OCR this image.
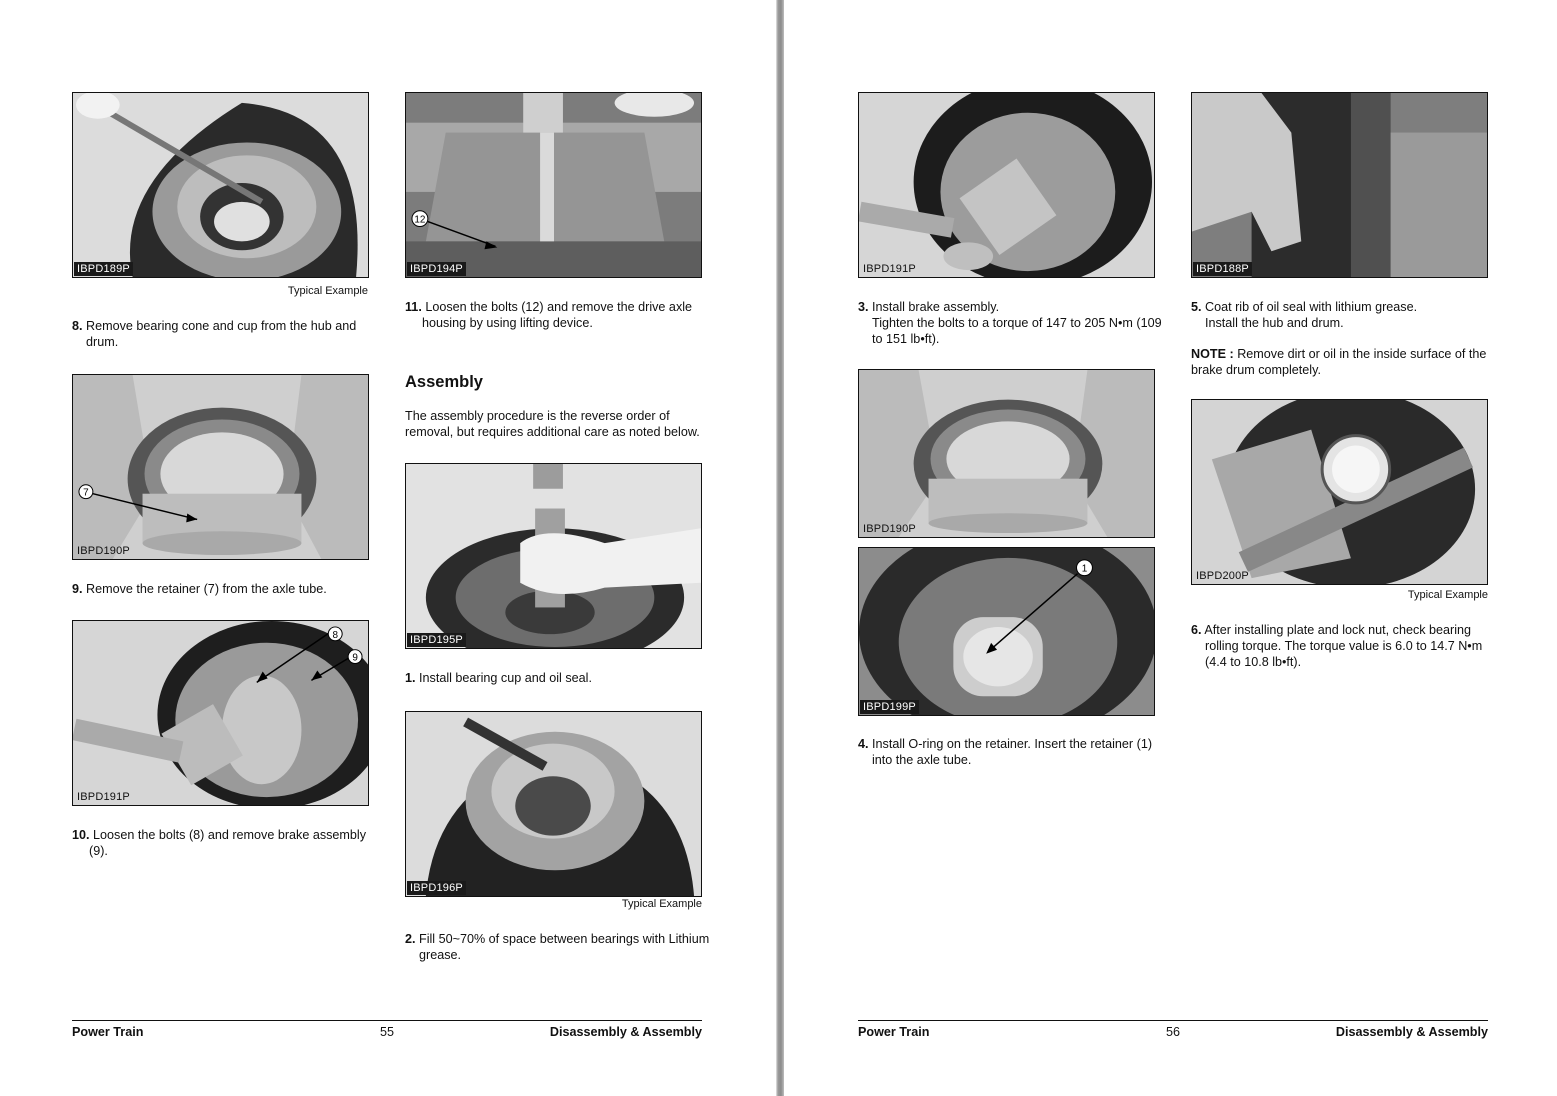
IBPD189P
Typical Example
8. Remove bearing cone and cup from the hub and drum.
7
IBPD190P
9. Remove the retainer (7) from the axle tube.
8
9
IBPD191P
10. Loosen the bolts (8) and remove brake assembly (9).
12
IBPD194P
11. Loosen the bolts (12) and remove the drive axle housing by using lifting device.
Assembly
The assembly procedure is the reverse order of removal, but requires additional care as noted below.
IBPD195P
1. Install bearing cup and oil seal.
IBPD196P
Typical Example
2. Fill 50~70% of space between bearings with Lithium grease.
Power Train	55	Disassembly & Assembly
IBPD191P
3. Install brake assembly.
Tighten the bolts to a torque of 147 to 205 N•m (109 to 151 lb•ft).
IBPD190P
1
IBPD199P
4. Install O-ring on the retainer. Insert the retainer (1) into the axle tube.
IBPD188P
5. Coat rib of oil seal with lithium grease.
Install the hub and drum.
NOTE : Remove dirt or oil in the inside surface of the brake drum completely.
IBPD200P
Typical Example
6. After installing plate and lock nut, check bearing rolling torque. The torque value is 6.0 to 14.7 N•m (4.4 to 10.8 lb•ft).
Power Train	56	Disassembly & Assembly
